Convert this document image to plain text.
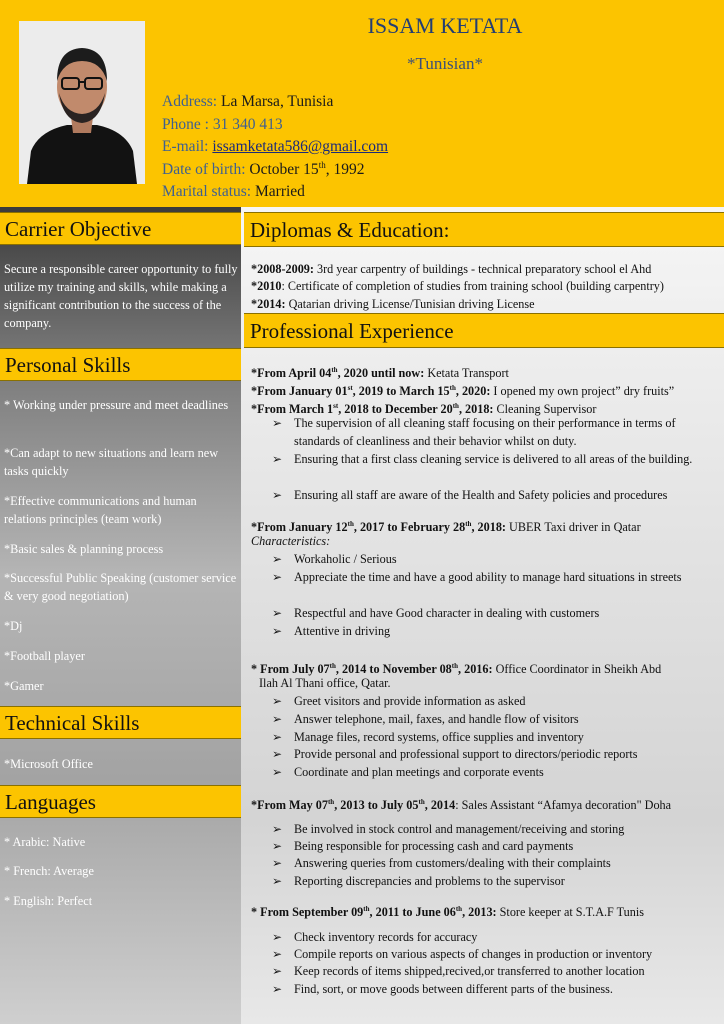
ISSAM KETATA
*Tunisian*
Address: La Marsa, Tunisia
Phone : 31 340 413
E-mail: issamketata586@gmail.com
Date of birth: October 15th, 1992
Marital status: Married
Carrier Objective
Secure a responsible career opportunity to fully utilize my training and skills, while making a significant contribution to the success of the company.
Personal Skills
* Working under pressure and meet deadlines
*Can adapt to new situations and learn new tasks quickly
*Effective communications and human relations principles (team work)
*Basic sales & planning process
*Successful Public Speaking (customer service & very good negotiation)
*Dj
*Football player
*Gamer
Technical Skills
*Microsoft Office
Languages
* Arabic: Native
* French: Average
* English: Perfect
Diplomas & Education:
Professional Experience
*2008-2009: 3rd year carpentry of buildings - technical preparatory school el Ahd
*2010: Certificate of completion of studies from training school (building carpentry)
*2014: Qatarian driving License/Tunisian driving License
*From April 04th, 2020 until now: Ketata Transport
*From January 01st, 2019 to March 15th, 2020: I opened my own project” dry fruits”
*From March 1st, 2018 to December 20th, 2018: Cleaning Supervisor
➢ The supervision of all cleaning staff focusing on their performance in terms of standards of cleanliness and their behavior whilst on duty.
➢ Ensuring that a first class cleaning service is delivered to all areas of the building.
➢ Ensuring all staff are aware of the Health and Safety policies and procedures
*From January 12th, 2017 to February 28th, 2018: UBER Taxi driver in Qatar
Characteristics:
➢ Workaholic / Serious
➢ Appreciate the time and have a good ability to manage hard situations in streets
➢ Respectful and have Good character in dealing with customers
➢ Attentive in driving
* From July 07th, 2014 to November 08th, 2016: Office Coordinator in Sheikh Abd
Ilah Al Thani office, Qatar.
➢ Greet visitors and provide information as asked
➢ Answer telephone, mail, faxes, and handle flow of visitors
➢ Manage files, record systems, office supplies and inventory
➢ Provide personal and professional support to directors/periodic reports
➢ Coordinate and plan meetings and corporate events
*From May 07th, 2013 to July 05th, 2014: Sales Assistant “Afamya decoration" Doha
➢ Be involved in stock control and management/receiving and storing
➢ Being responsible for processing cash and card payments
➢ Answering queries from customers/dealing with their complaints
➢ Reporting discrepancies and problems to the supervisor
* From September 09th, 2011 to June 06th, 2013: Store keeper at S.T.A.F Tunis
➢ Check inventory records for accuracy
➢ Compile reports on various aspects of changes in production or inventory
➢ Keep records of items shipped,recived,or transferred to another location
➢ Find, sort, or move goods between different parts of the business.
